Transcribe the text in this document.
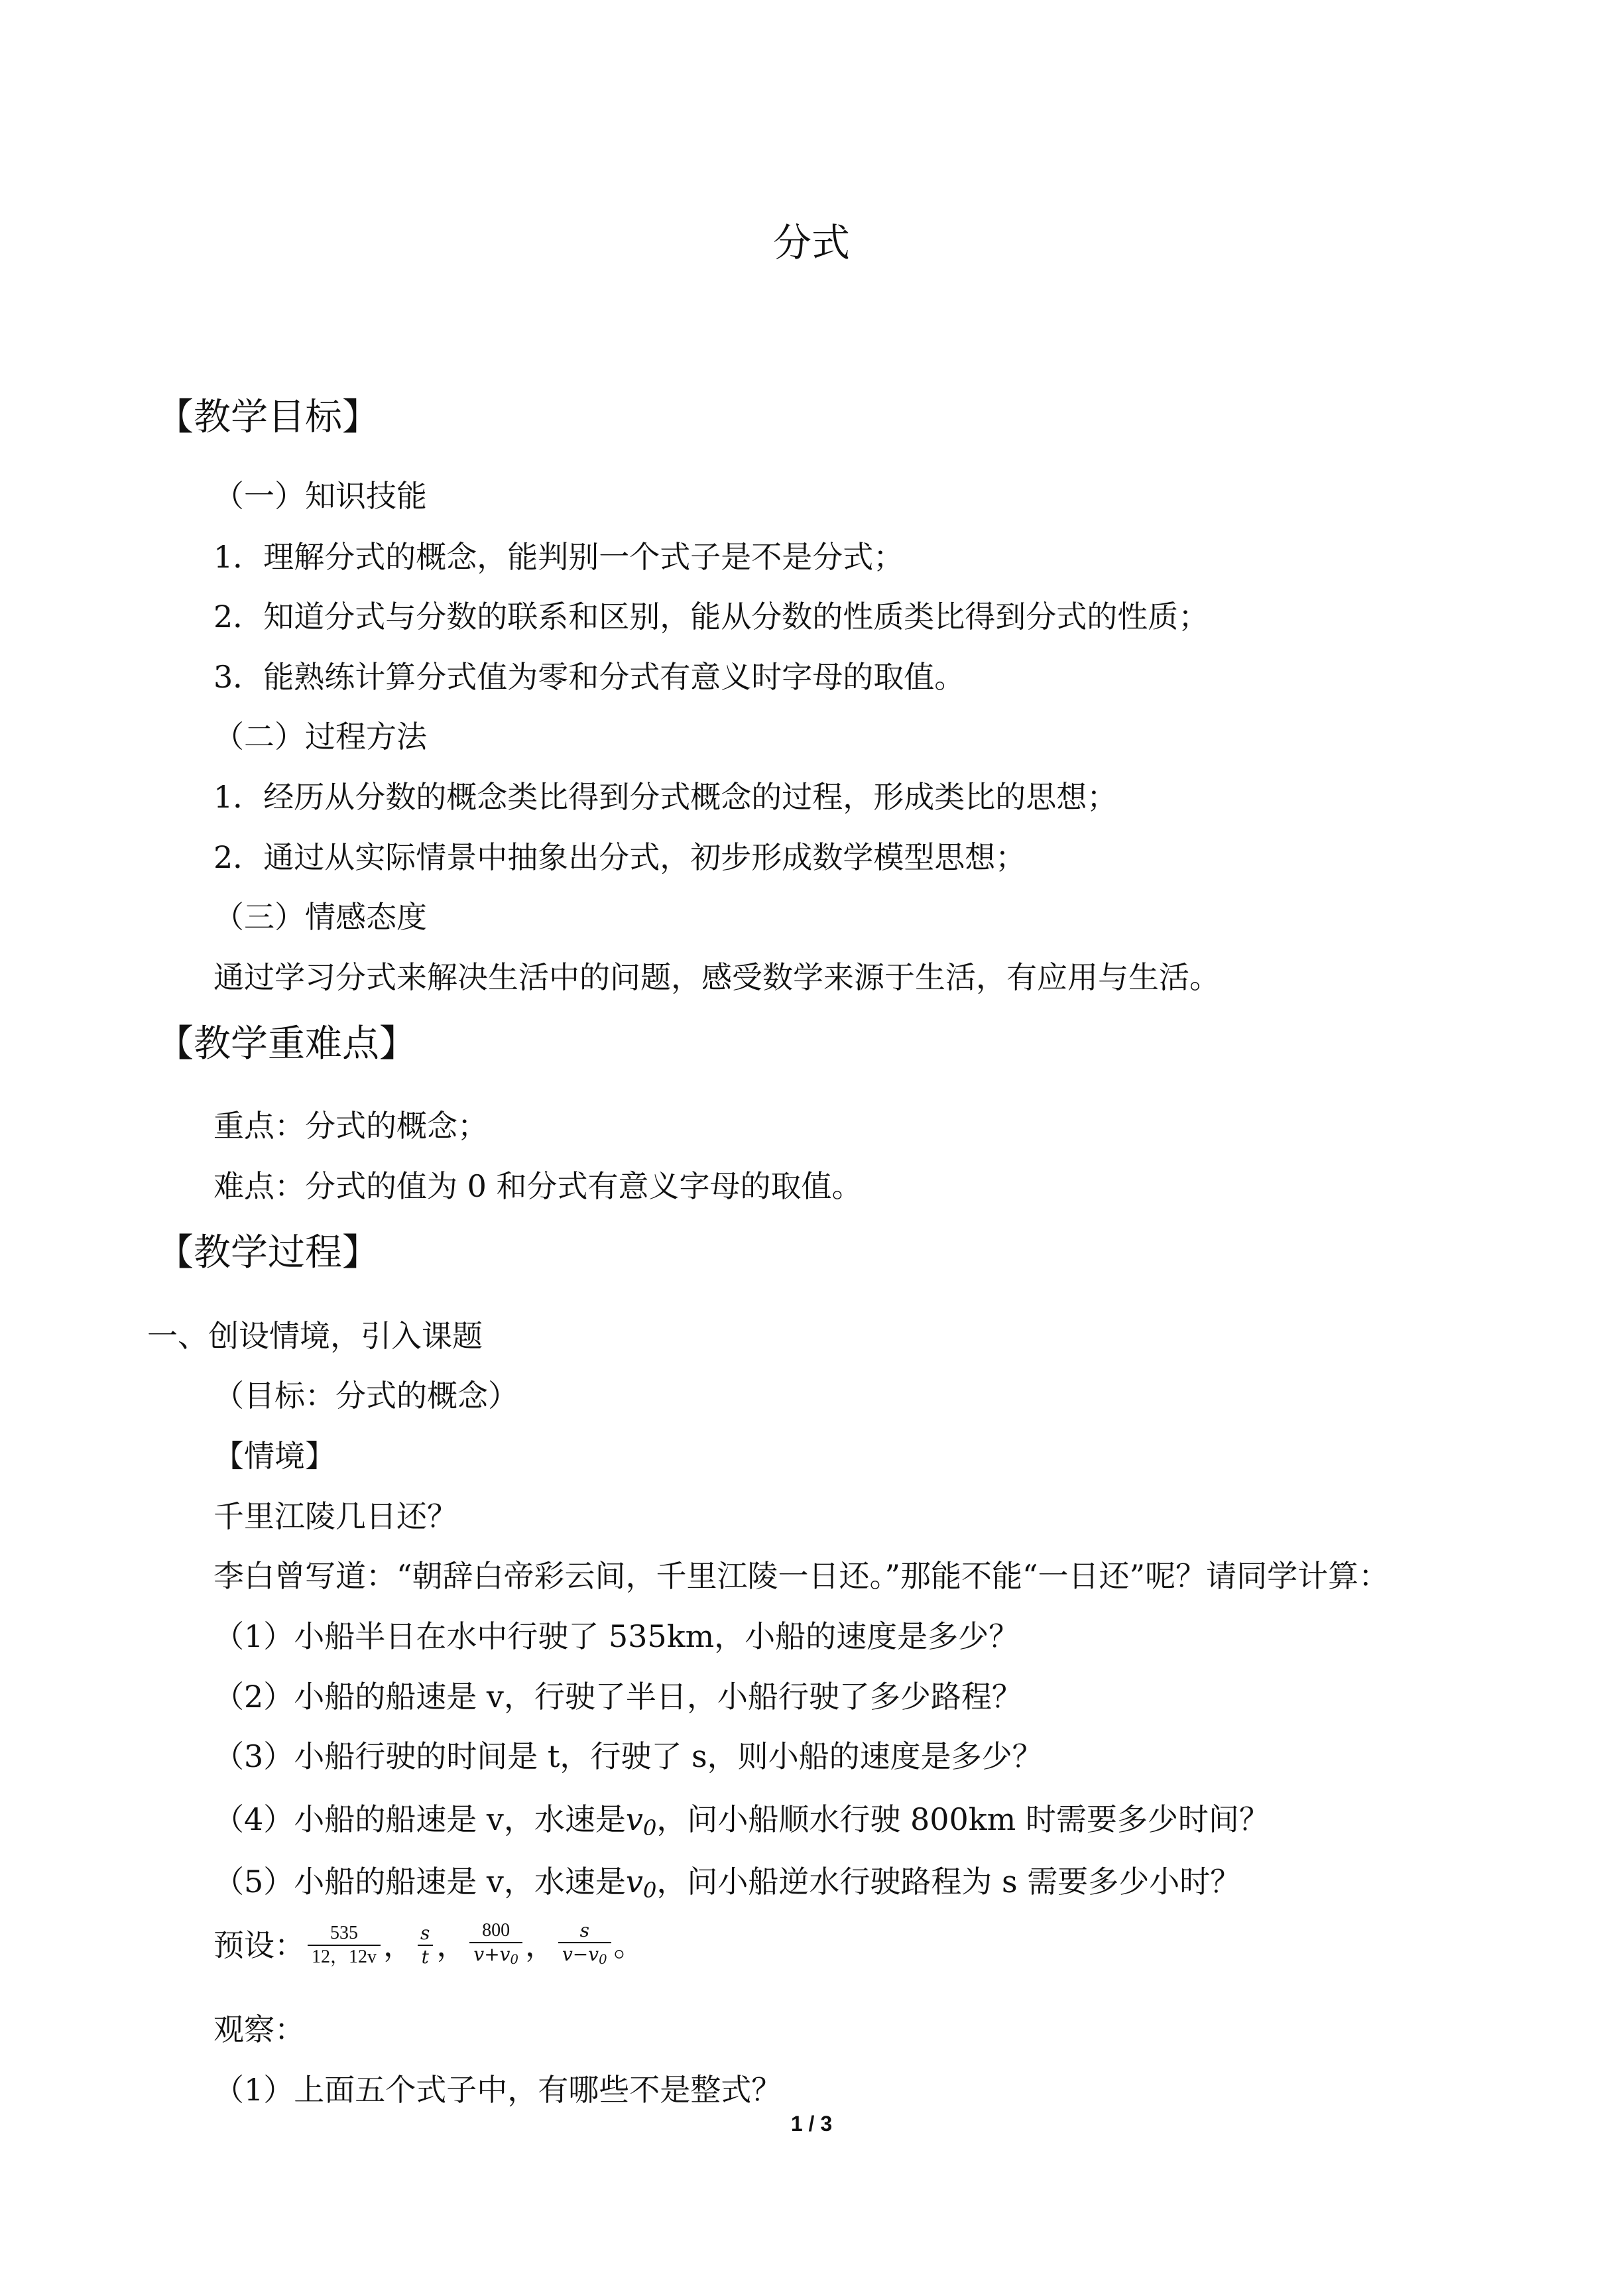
分式
【教学目标】
（一）知识技能
1．理解分式的概念，能判别一个式子是不是分式；
2．知道分式与分数的联系和区别，能从分数的性质类比得到分式的性质；
3．能熟练计算分式值为零和分式有意义时字母的取值。
（二）过程方法
1．经历从分数的概念类比得到分式概念的过程，形成类比的思想；
2．通过从实际情景中抽象出分式，初步形成数学模型思想；
（三）情感态度
通过学习分式来解决生活中的问题，感受数学来源于生活，有应用与生活。
【教学重难点】
重点：分式的概念；
难点：分式的值为 0 和分式有意义字母的取值。
【教学过程】
一、创设情境，引入课题
（目标：分式的概念）
【情境】
千里江陵几日还？
李白曾写道：“朝辞白帝彩云间，千里江陵一日还。”那能不能“一日还”呢？请同学计算：
（1）小船半日在水中行驶了 535km，小船的速度是多少？
（2）小船的船速是 v，行驶了半日，小船行驶了多少路程？
（3）小船行驶的时间是 t，行驶了 s，则小船的速度是多少？
（4）小船的船速是 v，水速是$v_0$，问小船顺水行驶 800km 时需要多少时间？
（5）小船的船速是 v，水速是$v_0$，问小船逆水行驶路程为 s 需要多少小时？
预设： $\frac{535}{12,12v}$ ， $\frac{s}{t}$ ， $\frac{800}{v+v_0}$ ， $\frac{s}{v-v_0}$ 。
观察：
（1）上面五个式子中，有哪些不是整式？
1 / 3
